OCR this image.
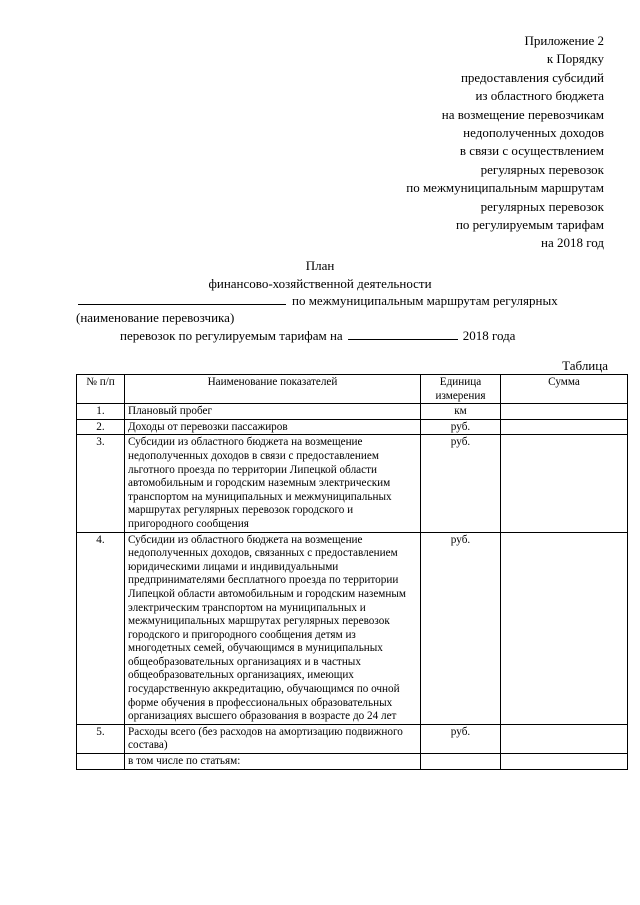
Приложение 2
к Порядку
предоставления субсидий
из областного бюджета
на возмещение перевозчикам
недополученных доходов
в связи с осуществлением
регулярных перевозок
по межмуниципальным маршрутам
регулярных перевозок
по регулируемым тарифам
на 2018 год
План
финансово-хозяйственной деятельности
по межмуниципальным маршрутам регулярных
(наименование перевозчика)
перевозок по регулируемым тарифам на	2018 года
Таблица
№ п/п	Наименование показателей	Единица измерения	Сумма
1.	Плановый пробег	км	
2.	Доходы от перевозки пассажиров	руб.	
3.	Субсидии из областного бюджета на возмещение недополученных доходов в связи с предоставлением льготного проезда по территории Липецкой области автомобильным и городским наземным электрическим транспортом на муниципальных и межмуниципальных маршрутах регулярных перевозок городского и пригородного сообщения	руб.	
4.	Субсидии из областного бюджета на возмещение недополученных доходов, связанных с предоставлением юридическими лицами и индивидуальными предпринимателями бесплатного проезда по территории Липецкой области автомобильным и городским наземным электрическим транспортом на муниципальных и межмуниципальных маршрутах регулярных перевозок городского и пригородного сообщения детям из многодетных семей, обучающимся в муниципальных общеобразовательных организациях и в частных общеобразовательных организациях, имеющих государственную аккредитацию, обучающимся по очной форме обучения в профессиональных образовательных организациях высшего образования в возрасте до 24 лет	руб.	
5.	Расходы всего (без расходов на амортизацию подвижного состава)	руб.	
	в том числе по статьям:		
